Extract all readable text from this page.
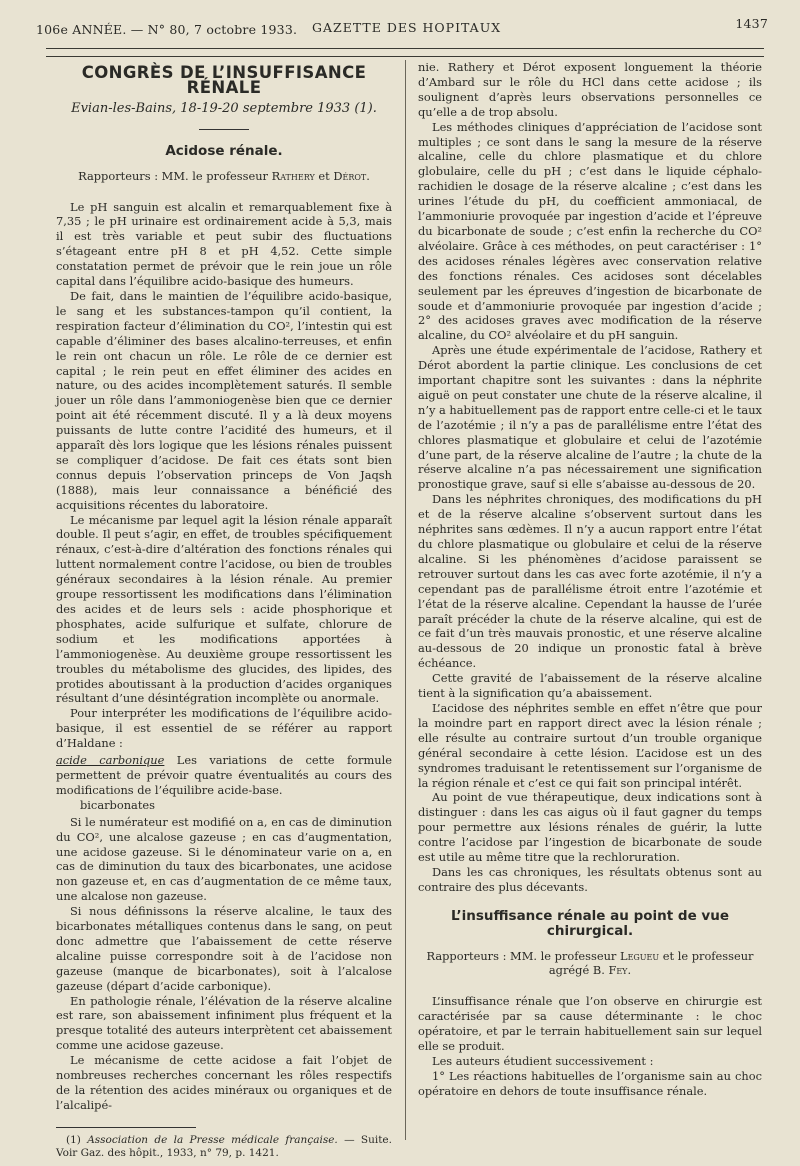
106e ANNÉE. — N° 80, 7 octobre 1933. GAZETTE DES HOPITAUX	1437
CONGRÈS DE L’INSUFFISANCE RÉNALE
Evian-les-Bains, 18-19-20 septembre 1933 (1).
Acidose rénale.
Rapporteurs : MM. le professeur Rathery et Dérot.

Le pH sanguin est alcalin et remarquablement fixe à 7,35 ; le pH urinaire est ordinairement acide à 5,3, mais il est très variable et peut subir des fluctuations s’étageant entre pH 8 et pH 4,52. Cette simple constatation permet de prévoir que le rein joue un rôle capital dans l’équilibre acido-basique des humeurs.

De fait, dans le maintien de l’équilibre acido-basique, le sang et les substances-tampon qu’il contient, la respiration facteur d’élimination du CO², l’intestin qui est capable d’éliminer des bases alcalino-terreuses, et enfin le rein ont chacun un rôle. Le rôle de ce dernier est capital ; le rein peut en effet éliminer des acides en nature, ou des acides incomplètement saturés. Il semble jouer un rôle dans l’ammoniogenèse bien que ce dernier point ait été récemment discuté. Il y a là deux moyens puissants de lutte contre l’acidité des humeurs, et il apparaît dès lors logique que les lésions rénales puissent se compliquer d’acidose. De fait ces états sont bien connus depuis l’observation princeps de Von Jaqsh (1888), mais leur connaissance a bénéficié des acquisitions récentes du laboratoire.

Le mécanisme par lequel agit la lésion rénale apparaît double. Il peut s’agir, en effet, de troubles spécifiquement rénaux, c’est-à-dire d’altération des fonctions rénales qui luttent normalement contre l’acidose, ou bien de troubles généraux secondaires à la lésion rénale. Au premier groupe ressortissent les modifications dans l’élimination des acides et de leurs sels : acide phosphorique et phosphates, acide sulfurique et sulfate, chlorure de sodium et les modifications apportées à l’ammoniogenèse. Au deuxième groupe ressortissent les troubles du métabolisme des glucides, des lipides, des protides aboutissant à la production d’acides organiques résultant d’une désintégration incomplète ou anormale.

Pour interpréter les modifications de l’équilibre acido-basique, il est essentiel de se référer au rapport d’Haldane :

acide carbonique Les variations de cette formule permettent de prévoir quatre éventualités au cours des modifications de l’équilibre acide-base.
bicarbonates

Si le numérateur est modifié on a, en cas de diminution du CO², une alcalose gazeuse ; en cas d’augmentation, une acidose gazeuse. Si le dénominateur varie on a, en cas de diminution du taux des bicarbonates, une acidose non gazeuse et, en cas d’augmentation de ce même taux, une alcalose non gazeuse.

Si nous définissons la réserve alcaline, le taux des bicarbonates métalliques contenus dans le sang, on peut donc admettre que l’abaissement de cette réserve alcaline puisse correspondre soit à de l’acidose non gazeuse (manque de bicarbonates), soit à l’alcalose gazeuse (départ d’acide carbonique).

En pathologie rénale, l’élévation de la réserve alcaline est rare, son abaissement infiniment plus fréquent et la presque totalité des auteurs interprètent cet abaissement comme une acidose gazeuse.

Le mécanisme de cette acidose a fait l’objet de nombreuses recherches concernant les rôles respectifs de la rétention des acides minéraux ou organiques et de l’alcalipé-

(1) Association de la Presse médicale française. — Suite. Voir Gaz. des hôpit., 1933, n° 79, p. 1421.

nie. Rathery et Dérot exposent longuement la théorie d’Ambard sur le rôle du HCl dans cette acidose ; ils soulignent d’après leurs observations personnelles ce qu’elle a de trop absolu.

Les méthodes cliniques d’appréciation de l’acidose sont multiples ; ce sont dans le sang la mesure de la réserve alcaline, celle du chlore plasmatique et du chlore globulaire, celle du pH ; c’est dans le liquide céphalo-rachidien le dosage de la réserve alcaline ; c’est dans les urines l’étude du pH, du coefficient ammoniacal, de l’ammoniurie provoquée par ingestion d’acide et l’épreuve du bicarbonate de soude ; c’est enfin la recherche du CO² alvéolaire. Grâce à ces méthodes, on peut caractériser : 1° des acidoses rénales légères avec conservation relative des fonctions rénales. Ces acidoses sont décelables seulement par les épreuves d’ingestion de bicarbonate de soude et d’ammoniurie provoquée par ingestion d’acide ; 2° des acidoses graves avec modification de la réserve alcaline, du CO² alvéolaire et du pH sanguin.

Après une étude expérimentale de l’acidose, Rathery et Dérot abordent la partie clinique. Les conclusions de cet important chapitre sont les suivantes : dans la néphrite aiguë on peut constater une chute de la réserve alcaline, il n’y a habituellement pas de rapport entre celle-ci et le taux de l’azotémie ; il n’y a pas de parallélisme entre l’état des chlores plasmatique et globulaire et celui de l’azotémie d’une part, de la réserve alcaline de l’autre ; la chute de la réserve alcaline n’a pas nécessairement une signification pronostique grave, sauf si elle s’abaisse au-dessous de 20.

Dans les néphrites chroniques, des modifications du pH et de la réserve alcaline s’observent surtout dans les néphrites sans œdèmes. Il n’y a aucun rapport entre l’état du chlore plasmatique ou globulaire et celui de la réserve alcaline. Si les phénomènes d’acidose paraissent se retrouver surtout dans les cas avec forte azotémie, il n’y a cependant pas de parallélisme étroit entre l’azotémie et l’état de la réserve alcaline. Cependant la hausse de l’urée paraît précéder la chute de la réserve alcaline, qui est de ce fait d’un très mauvais pronostic, et une réserve alcaline au-dessous de 20 indique un pronostic fatal à brève échéance.

Cette gravité de l’abaissement de la réserve alcaline tient à la signification qu’a abaissement.

L’acidose des néphrites semble en effet n’être que pour la moindre part en rapport direct avec la lésion rénale ; elle résulte au contraire surtout d’un trouble organique général secondaire à cette lésion. L’acidose est un des syndromes traduisant le retentissement sur l’organisme de la région rénale et c’est ce qui fait son principal intérêt.

Au point de vue thérapeutique, deux indications sont à distinguer : dans les cas aigus où il faut gagner du temps pour permettre aux lésions rénales de guérir, la lutte contre l’acidose par l’ingestion de bicarbonate de soude est utile au même titre que la rechloruration.

Dans les cas chroniques, les résultats obtenus sont au contraire des plus décevants.

L’insuffisance rénale au point de vue chirurgical.
Rapporteurs : MM. le professeur Legueu et le professeur agrégé B. Fey.

L’insuffisance rénale que l’on observe en chirurgie est caractérisée par sa cause déterminante : le choc opératoire, et par le terrain habituellement sain sur lequel elle se produit.

Les auteurs étudient successivement :

1° Les réactions habituelles de l’organisme sain au choc opératoire en dehors de toute insuffisance rénale.
